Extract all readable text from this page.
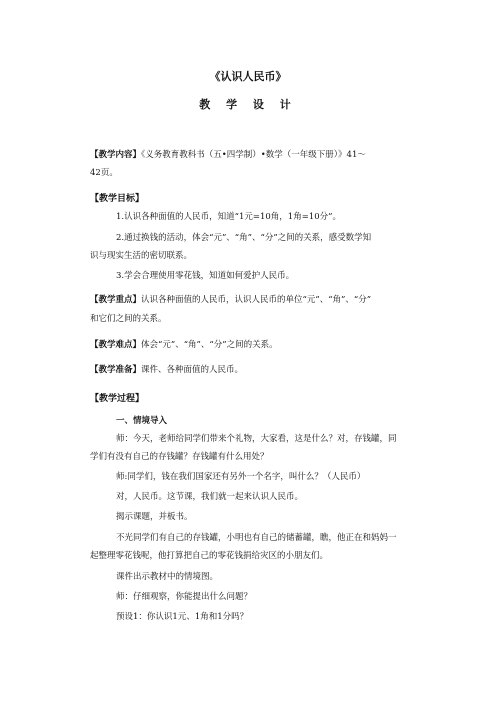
《认识人民币》
教 学 设 计
【教学内容】《义务教育教科书（五•四学制）•数学（一年级下册）》41～
42页。
【教学目标】
1.认识各种面值的人民币，知道“1元=10角，1角=10分”。
2.通过换钱的活动，体会“元”、“角”、“分”之间的关系，感受数学知
识与现实生活的密切联系。
3.学会合理使用零花钱，知道如何爱护人民币。
【教学重点】认识各种面值的人民币，认识人民币的单位“元”、“角”、“分”
和它们之间的关系。
【教学难点】体会“元”、“角”、“分”之间的关系。
【教学准备】课件、各种面值的人民币。
【教学过程】
一、情境导入
师：今天，老师给同学们带来个礼物，大家看，这是什么？对，存钱罐，同
学们有没有自己的存钱罐？存钱罐有什么用处？
师:同学们，钱在我们国家还有另外一个名字，叫什么？（人民币）
对，人民币。这节课，我们就一起来认识人民币。
揭示课题，并板书。
不光同学们有自己的存钱罐，小明也有自己的储蓄罐，瞧，他正在和妈妈一
起整理零花钱呢，他打算把自己的零花钱捐给灾区的小朋友们。
课件出示教材中的情境图。
师：仔细观察，你能提出什么问题？
预设1：你认识1元、1角和1分吗？
